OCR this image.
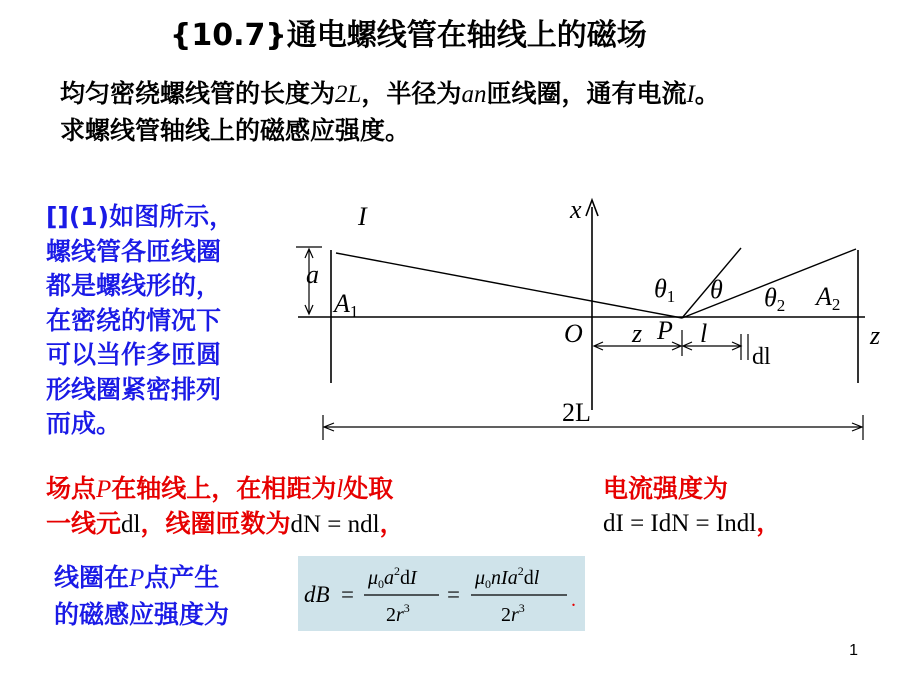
{10.7}通电螺线管在轴线上的磁场
均匀密绕螺线管的长度为2L，半径为an匝线圈，通有电流I。
求螺线管轴线上的磁感应强度。
[](1)如图所示，
螺线管各匝线圈
都是螺线形的，
在密绕的情况下
可以当作多匝圆
形线圈紧密排列
而成。
I	x
a
A1
θ1 θ θ2 A2
O z P l
dl
z
2L
场点P在轴线上，在相距为l处取
一线元dl，线圈匝数为dN = ndl，
电流强度为
dI = IdN = Indl，
线圈在P点产生
的磁感应强度为
dB =
$\mu_0a^2dI$
$2r^3$
=
$\mu_0nIa^2dl$
$2r^3$ .
1
